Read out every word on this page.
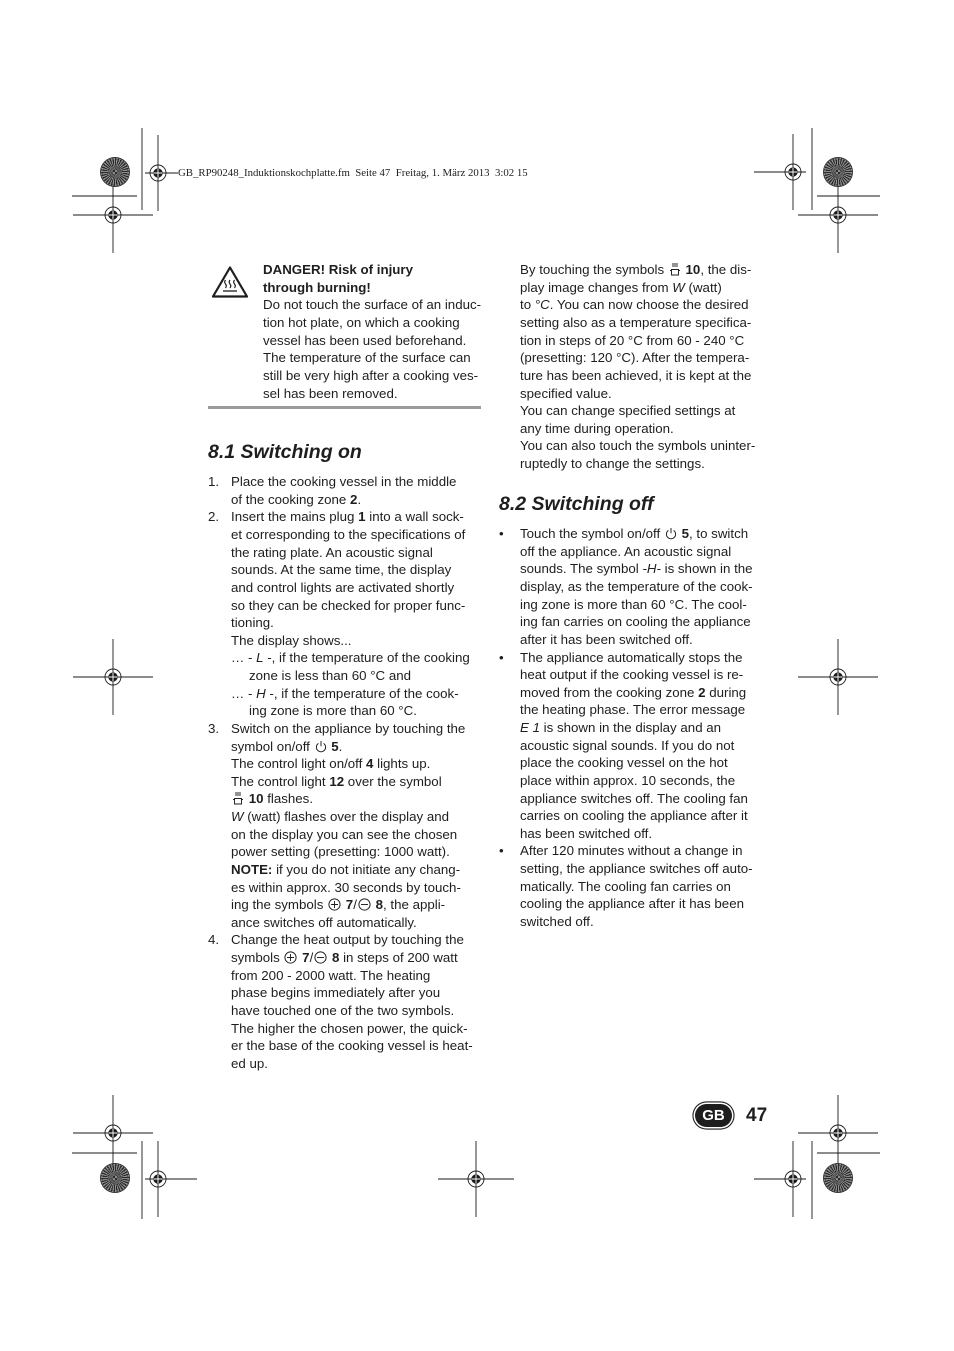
GB_RP90248_Induktionskochplatte.fm  Seite 47  Freitag, 1. März 2013  3:02 15
DANGER! Risk of injury
through burning!
Do not touch the surface of an induc-
tion hot plate, on which a cooking
vessel has been used beforehand.
The temperature of the surface can
still be very high after a cooking ves-
sel has been removed.
8.1 Switching on
1. Place the cooking vessel in the middle
of the cooking zone 2.
2. Insert the mains plug 1 into a wall sock-
et corresponding to the specifications of
the rating plate. An acoustic signal
sounds. At the same time, the display
and control lights are activated shortly
so they can be checked for proper func-
tioning.
The display shows...
… - L -, if the temperature of the cooking
zone is less than 60 °C and
… - H -, if the temperature of the cook-
ing zone is more than 60 °C.
3. Switch on the appliance by touching the
symbol on/off  5.
The control light on/off 4 lights up.
The control light 12 over the symbol
10 flashes.
W (watt) flashes over the display and
on the display you can see the chosen
power setting (presetting: 1000 watt).
NOTE: if you do not initiate any chang-
es within approx. 30 seconds by touch-
ing the symbols  7/ 8, the appli-
ance switches off automatically.
4. Change the heat output by touching the
symbols  7/ 8 in steps of 200 watt
from 200 - 2000 watt. The heating
phase begins immediately after you
have touched one of the two symbols.
The higher the chosen power, the quick-
er the base of the cooking vessel is heat-
ed up.
By touching the symbols  10, the dis-
play image changes from W (watt)
to °C. You can now choose the desired
setting also as a temperature specifica-
tion in steps of 20 °C from 60 - 240 °C
(presetting: 120 °C). After the tempera-
ture has been achieved, it is kept at the
specified value.
You can change specified settings at
any time during operation.
You can also touch the symbols uninter-
ruptedly to change the settings.
8.2 Switching off
•	Touch the symbol on/off  5, to switch
off the appliance. An acoustic signal
sounds. The symbol -H- is shown in the
display, as the temperature of the cook-
ing zone is more than 60 °C. The cool-
ing fan carries on cooling the appliance
after it has been switched off.
•	The appliance automatically stops the
heat output if the cooking vessel is re-
moved from the cooking zone 2 during
the heating phase. The error message
E 1 is shown in the display and an
acoustic signal sounds. If you do not
place the cooking vessel on the hot
place within approx. 10 seconds, the
appliance switches off. The cooling fan
carries on cooling the appliance after it
has been switched off.
•	After 120 minutes without a change in
setting, the appliance switches off auto-
matically. The cooling fan carries on
cooling the appliance after it has been
switched off.
GB	47
